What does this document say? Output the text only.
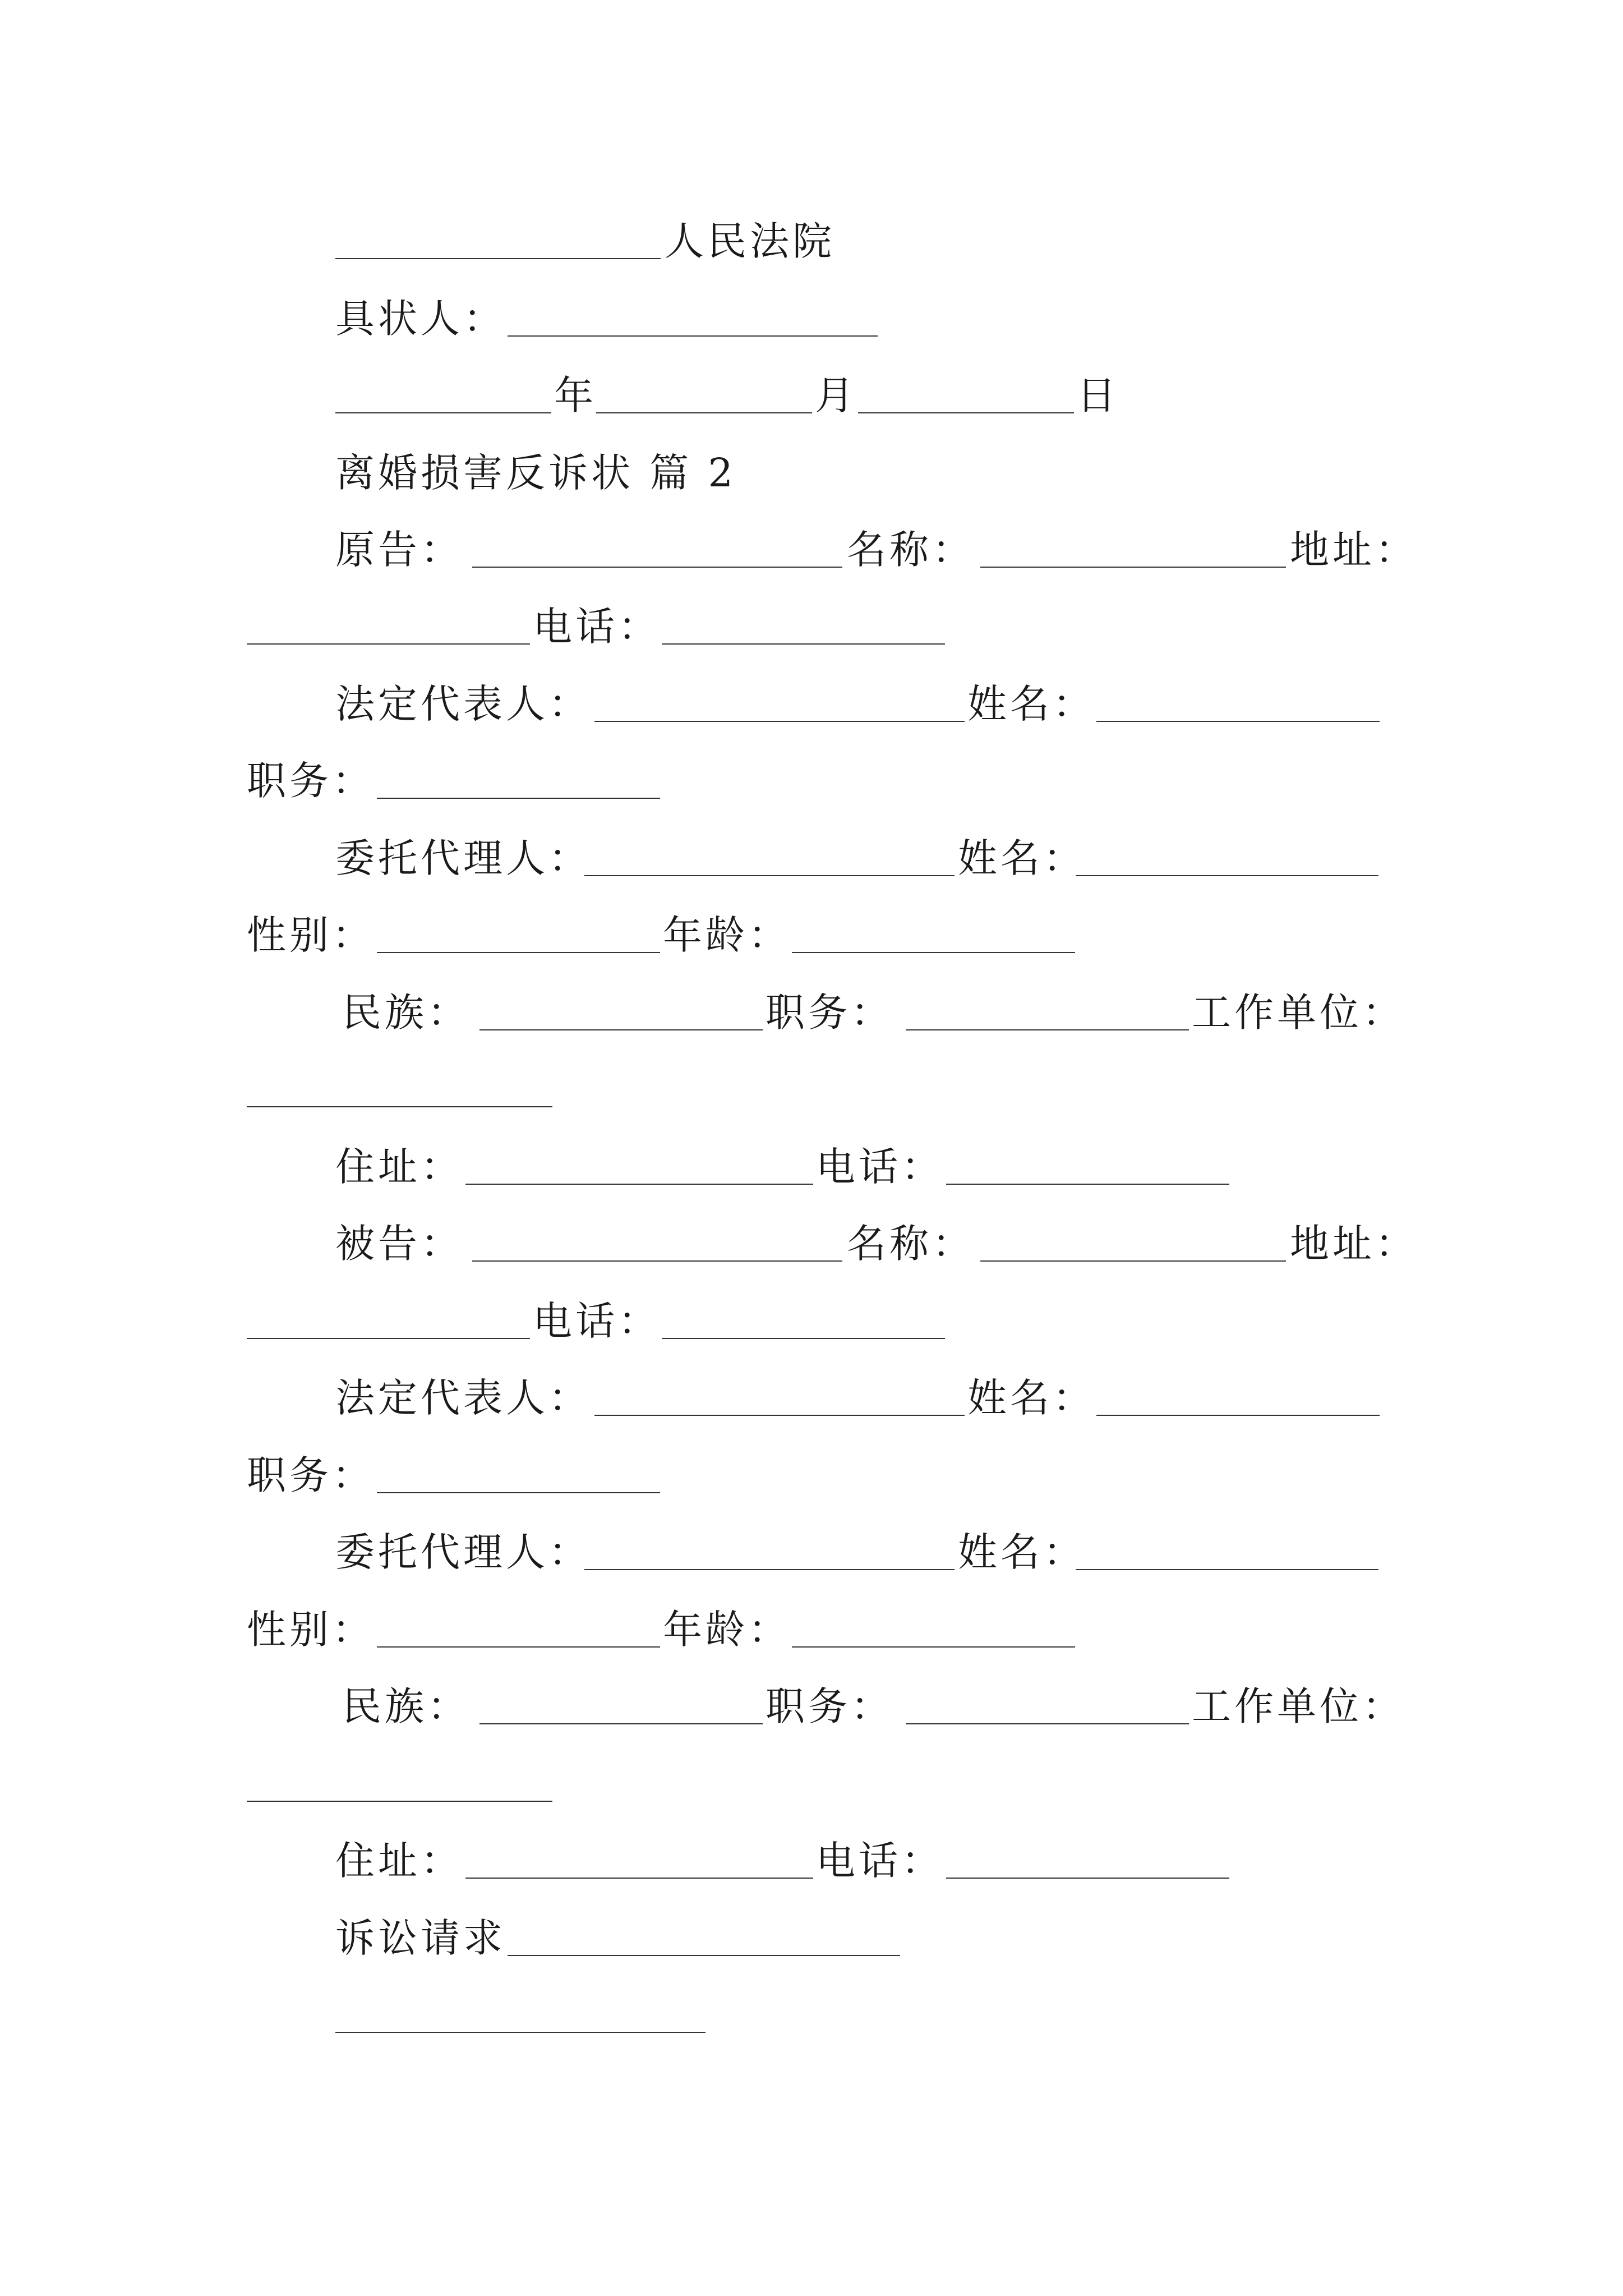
人民法院
具状人：
年	月	日
离婚损害反诉状 篇 2
原告：	名称：	地址：
电话：
法定代表人：	姓名：
职务：
委托代理人：	姓名：
性别：	年龄：
民族：	职务：	工作单位：
住址：	电话：
被告：	名称：	地址：
电话：
法定代表人：	姓名：
职务：
委托代理人：	姓名：
性别：	年龄：
民族：	职务：	工作单位：
住址：	电话：
诉讼请求
